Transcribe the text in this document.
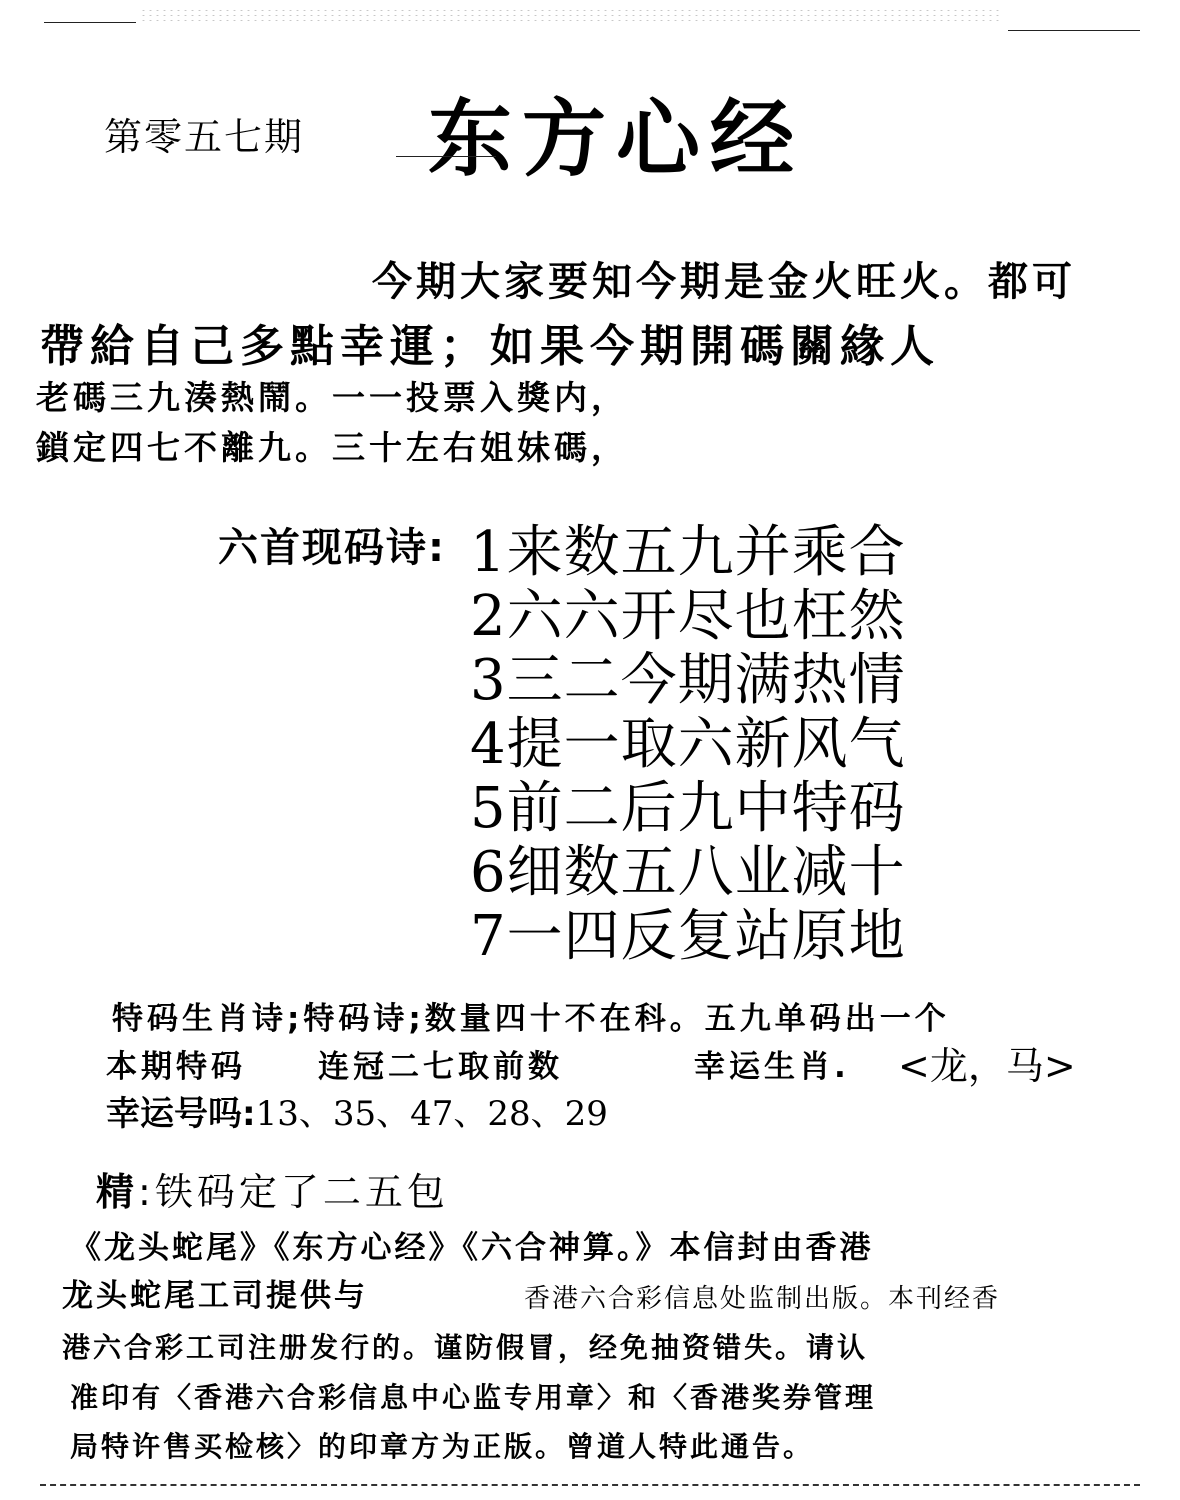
第零五七期 东方心经
今期大家要知今期是金火旺火。都可
帶給自己多點幸運；如果今期開碼關緣人
老碼三九湊熱鬧。一一投票入獎内，
鎖定四七不離九。三十左右姐妹碼，
六首现码诗: 1来数五九并乘合
2六六开尽也枉然
3三二今期满热情
4提一取六新风气
5前二后九中特码
6细数五八业减十
7一四反复站原地
特码生肖诗;特码诗;数量四十不在科。五九单码出一个
本期特码 连冠二七取前数	幸运生肖. <龙，马>
幸运号吗:13、35、47、28、29
精:铁码定了二五包
《龙头蛇尾》《东方心经》《六合神算。》本信封由香港
龙头蛇尾工司提供与	香港六合彩信息处监制出版。本刊经香
港六合彩工司注册发行的。谨防假冒，经免抽资错失。请认
准印有〈香港六合彩信息中心监专用章〉和〈香港奖券管理
局特许售买检核〉的印章方为正版。曾道人特此通告。
